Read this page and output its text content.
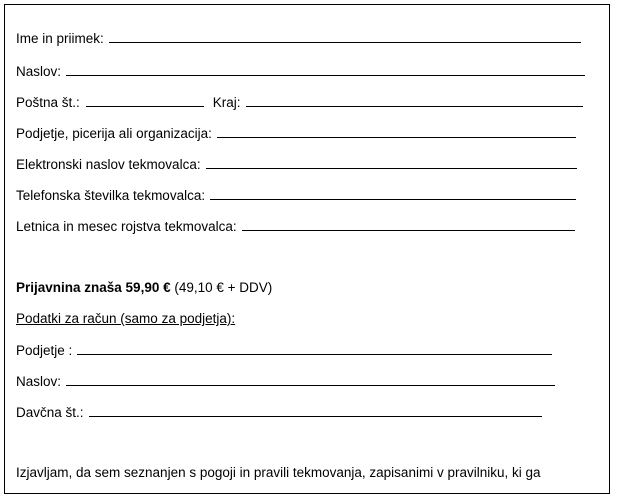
Ime in priimek:
Naslov:
Poštna št.:	Kraj:
Podjetje, picerija ali organizacija:
Elektronski naslov tekmovalca:
Telefonska številka tekmovalca:
Letnica in mesec rojstva tekmovalca:
Prijavnina znaša 59,90 € (49,10 € + DDV)
Podatki za račun (samo za podjetja):
Podjetje :
Naslov:
Davčna št.:
Izjavljam, da sem seznanjen s pogoji in pravili tekmovanja, zapisanimi v pravilniku, ki ga
